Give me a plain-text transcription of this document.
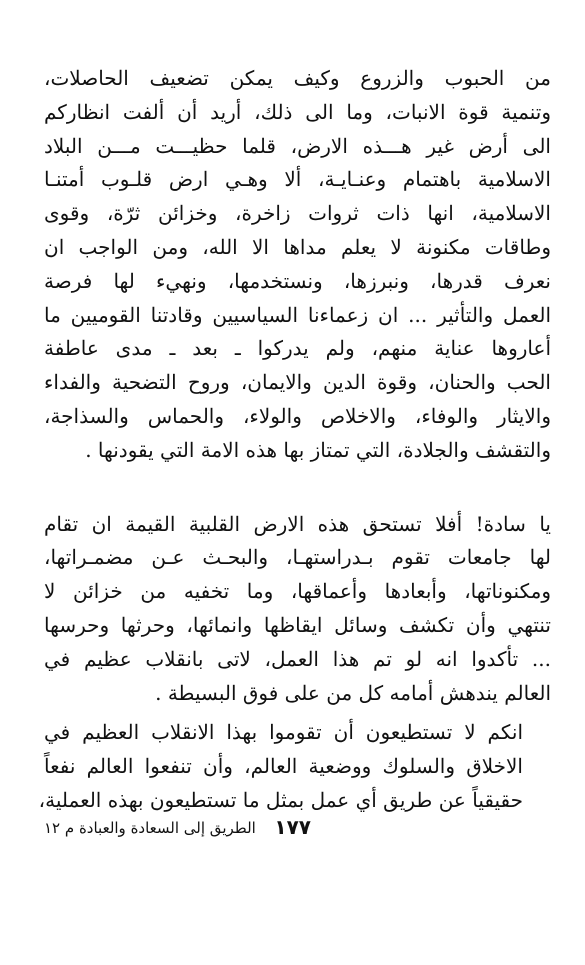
من الحبوب والزروع وكيف يمكن تضعيف الحاصلات،
وتنمية قوة الانبات، وما الى ذلك، أريد أن ألفت انظاركم
الى أرض غير هـــذه الارض، قلما حظيـــت مـــن البلاد
الاسلامية باهتمام وعنـايـة، ألا وهـي ارض قلـوب أمتنـا
الاسلامية، انها ذات ثروات زاخرة، وخزائن ثرّة، وقوى
وطاقات مكنونة لا يعلم مداها الا الله، ومن الواجب ان
نعرف قدرها، ونبرزها، ونستخدمها، ونهيء لها فرصة
العمل والتأثير ... ان زعماءنا السياسيين وقادتنا القوميين ما
أعاروها عناية منهم، ولم يدركوا ـ بعد ـ مدى عاطفة
الحب والحنان، وقوة الدين والايمان، وروح التضحية والفداء
والايثار والوفاء، والاخلاص والولاء، والحماس والسذاجة،
والتقشف والجلادة، التي تمتاز بها هذه الامة التي يقودنها .

يا سادة! أفلا تستحق هذه الارض القلبية القيمة ان تقام
لها جامعات تقوم بـدراستهـا، والبحـث عـن مضمـراتها،
ومكنوناتها، وأبعادها وأعماقها، وما تخفيه من خزائن لا
تنتهي وأن تكشف وسائل ايقاظها وانمائها، وحرثها وحرسها
... تأكدوا انه لو تم هذا العمل، لاتى بانقلاب عظيم في
العالم يندهش أمامه كل من على فوق البسيطة .

انكم لا تستطيعون أن تقوموا بهذا الانقلاب العظيم في
الاخلاق والسلوك ووضعية العالم، وأن تنفعوا العالم نفعاً
حقيقياً عن طريق أي عمل بمثل ما تستطيعون بهذه العملية،

١٧٧
الطريق إلى السعادة والعبادة م ١٢
